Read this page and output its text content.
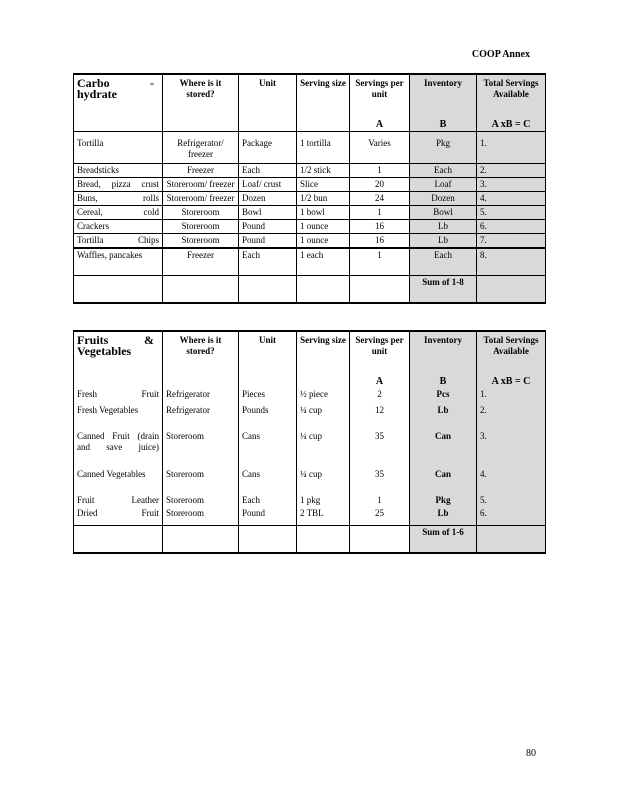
COOP Annex
Carbo - hydrate	Where is it stored?	Unit	Serving size	Servings per unit	Inventory	Total Servings Available
				A	B	A xB = C
Tortilla	Refrigerator/ freezer	Package	1 tortilla	Varies	Pkg	1.
Breadsticks	Freezer	Each	1/2 stick	1	Each	2.
Bread, pizza crust	Storeroom/ freezer	Loaf/ crust	Slice	20	Loaf	3.
Buns, rolls	Storeroom/ freezer	Dozen	1/2 bun	24	Dozen	4.
Cereal, cold	Storeroom	Bowl	1 bowl	1	Bowl	5.
Crackers	Storeroom	Pound	1 ounce	16	Lb	6.
Tortilla Chips	Storeroom	Pound	1 ounce	16	Lb	7.
Waffles, pancakes	Freezer	Each	1 each	1	Each	8.
					Sum of 1-8	
Fruits & Vegetables	Where is it stored?	Unit	Serving size	Servings per unit	Inventory	Total Servings Available
				A	B	A xB = C
Fresh Fruit	Refrigerator	Pieces	½ piece	2	Pcs	1.
Fresh Vegetables	Refrigerator	Pounds	¼ cup	12	Lb	2.
Canned Fruit (drain and save juice)	Storeroom	Cans	¼ cup	35	Can	3.
Canned Vegetables	Storeroom	Cans	¼ cup	35	Can	4.
Fruit Leather	Storeroom	Each	1 pkg	1	Pkg	5.
Dried Fruit	Storeroom	Pound	2 TBL	25	Lb	6.
					Sum of 1-6	
80
